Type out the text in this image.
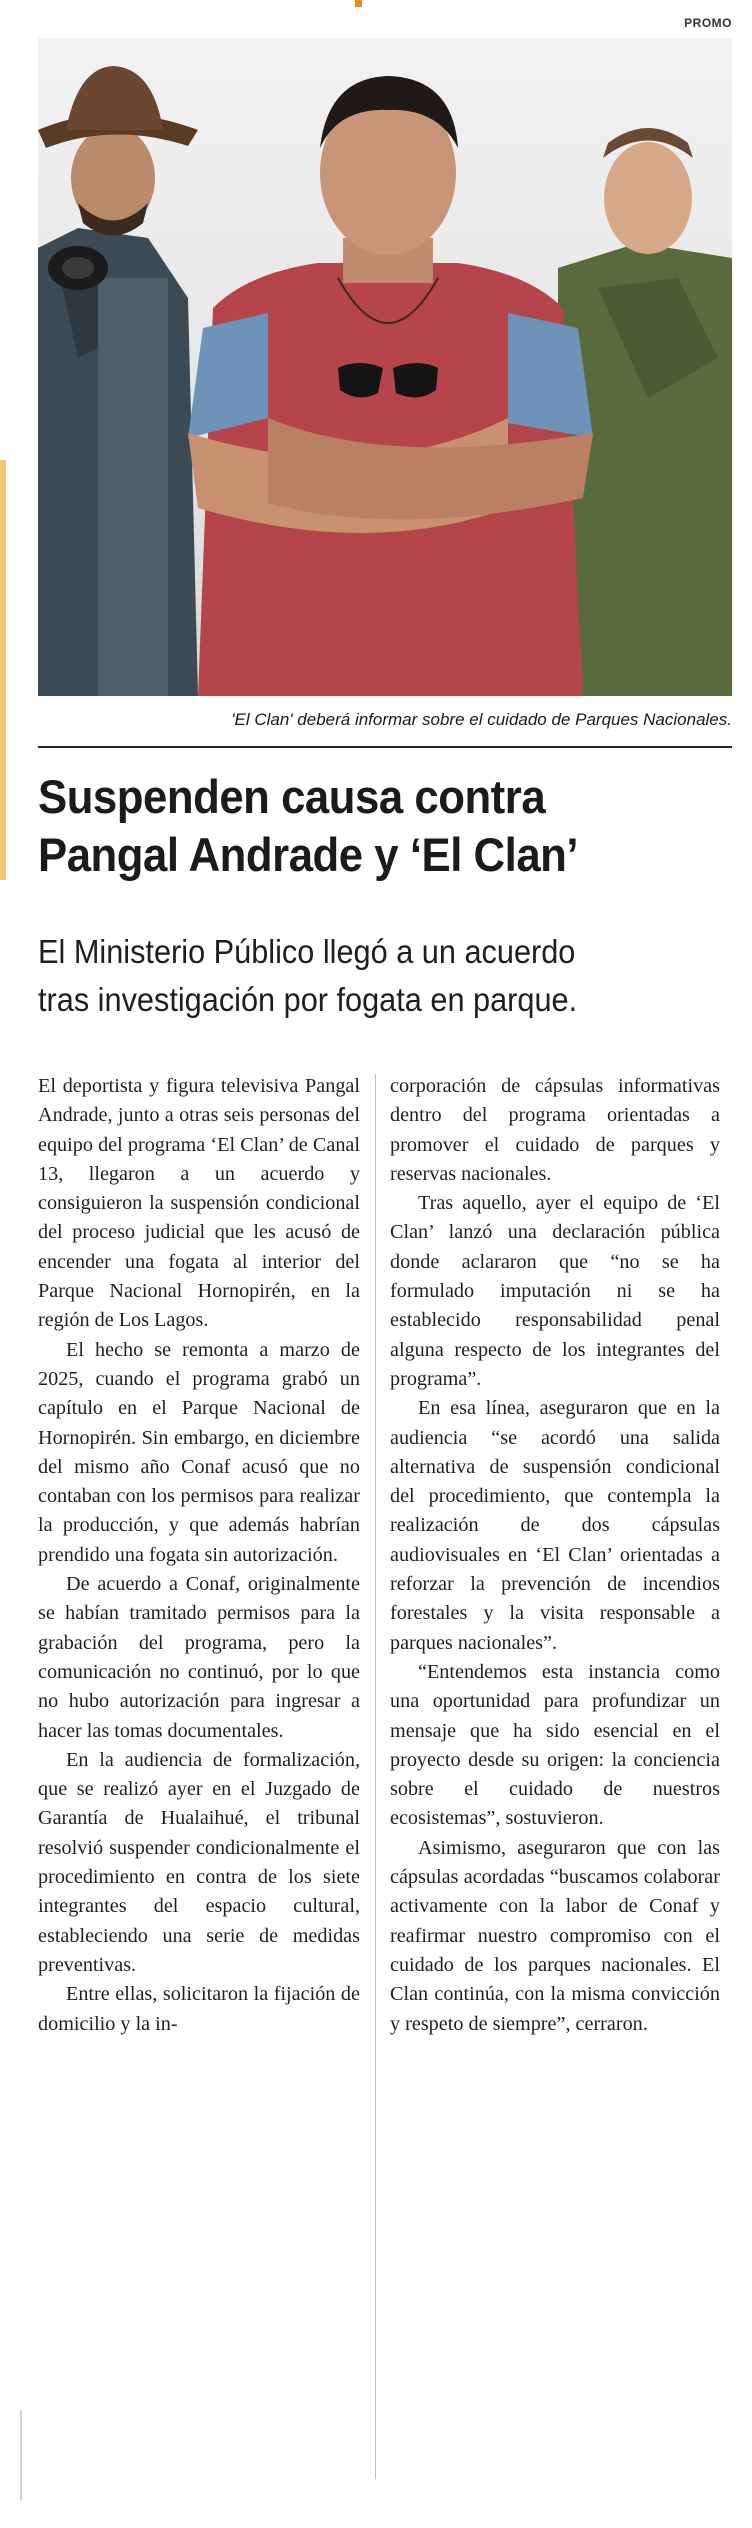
PROMO
'El Clan' deberá informar sobre el cuidado de Parques Nacionales.
Suspenden causa contra
Pangal Andrade y ‘El Clan’
El Ministerio Público llegó a un acuerdo
tras investigación por fogata en parque.

El deportista y figura televisiva Pangal Andrade, junto a otras seis personas del equipo del programa ‘El Clan’ de Canal 13, llegaron a un acuerdo y consiguieron la suspensión condicional del proceso judicial que les acusó de encender una fogata al interior del Parque Nacional Hornopirén, en la región de Los Lagos.

El hecho se remonta a marzo de 2025, cuando el programa grabó un capítulo en el Parque Nacional de Hornopirén. Sin embargo, en diciembre del mismo año Conaf acusó que no contaban con los permisos para realizar la producción, y que además habrían prendido una fogata sin autorización.

De acuerdo a Conaf, originalmente se habían tramitado permisos para la grabación del programa, pero la comunicación no continuó, por lo que no hubo autorización para ingresar a hacer las tomas documentales.

En la audiencia de formalización, que se realizó ayer en el Juzgado de Garantía de Hualaihué, el tribunal resolvió suspender condicionalmente el procedimiento en contra de los siete integrantes del espacio cultural, estableciendo una serie de medidas preventivas.

Entre ellas, solicitaron la fijación de domicilio y la in-

corporación de cápsulas informativas dentro del programa orientadas a promover el cuidado de parques y reservas nacionales.

Tras aquello, ayer el equipo de ‘El Clan’ lanzó una declaración pública donde aclararon que “no se ha formulado imputación ni se ha establecido responsabilidad penal alguna respecto de los integrantes del programa”.

En esa línea, aseguraron que en la audiencia “se acordó una salida alternativa de suspensión condicional del procedimiento, que contempla la realización de dos cápsulas audiovisuales en ‘El Clan’ orientadas a reforzar la prevención de incendios forestales y la visita responsable a parques nacionales”.

“Entendemos esta instancia como una oportunidad para profundizar un mensaje que ha sido esencial en el proyecto desde su origen: la conciencia sobre el cuidado de nuestros ecosistemas”, sostuvieron.

Asimismo, aseguraron que con las cápsulas acordadas “buscamos colaborar activamente con la labor de Conaf y reafirmar nuestro compromiso con el cuidado de los parques nacionales. El Clan continúa, con la misma convicción y respeto de siempre”, cerraron.
